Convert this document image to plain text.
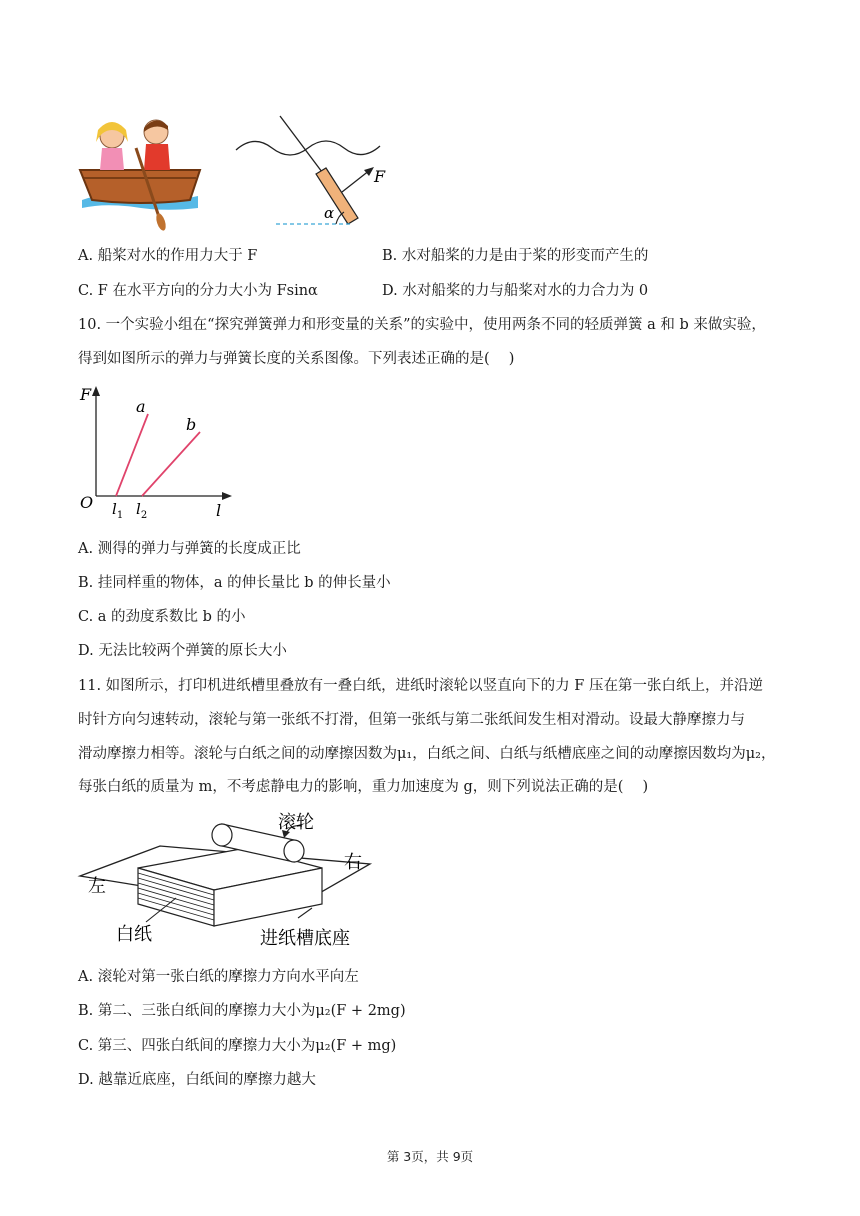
F
α
A. 船桨对水的作用力大于 F	B. 水对船桨的力是由于桨的形变而产生的
C. F 在水平方向的分力大小为 Fsinα	D. 水对船桨的力与船桨对水的力合力为 0
10. 一个实验小组在“探究弹簧弹力和形变量的关系”的实验中，使用两条不同的轻质弹簧 a 和 b 来做实验，
得到如图所示的弹力与弹簧长度的关系图像。下列表述正确的是(　 )
F
l
O
a
b
$l_1$ $l_2$
A. 测得的弹力与弹簧的长度成正比
B. 挂同样重的物体，a 的伸长量比 b 的伸长量小
C. a 的劲度系数比 b 的小
D. 无法比较两个弹簧的原长大小
11. 如图所示，打印机进纸槽里叠放有一叠白纸，进纸时滚轮以竖直向下的力 F 压在第一张白纸上，并沿逆
时针方向匀速转动，滚轮与第一张纸不打滑，但第一张纸与第二张纸间发生相对滑动。设最大静摩擦力与
滑动摩擦力相等。滚轮与白纸之间的动摩擦因数为μ₁，白纸之间、白纸与纸槽底座之间的动摩擦因数均为μ₂，
每张白纸的质量为 m，不考虑静电力的影响，重力加速度为 g，则下列说法正确的是(　 )
滚轮
右
左
白纸	进纸槽底座
A. 滚轮对第一张白纸的摩擦力方向水平向左
B. 第二、三张白纸间的摩擦力大小为μ₂(F + 2mg)
C. 第三、四张白纸间的摩擦力大小为μ₂(F + mg)
D. 越靠近底座，白纸间的摩擦力越大
第 3页，共 9页
